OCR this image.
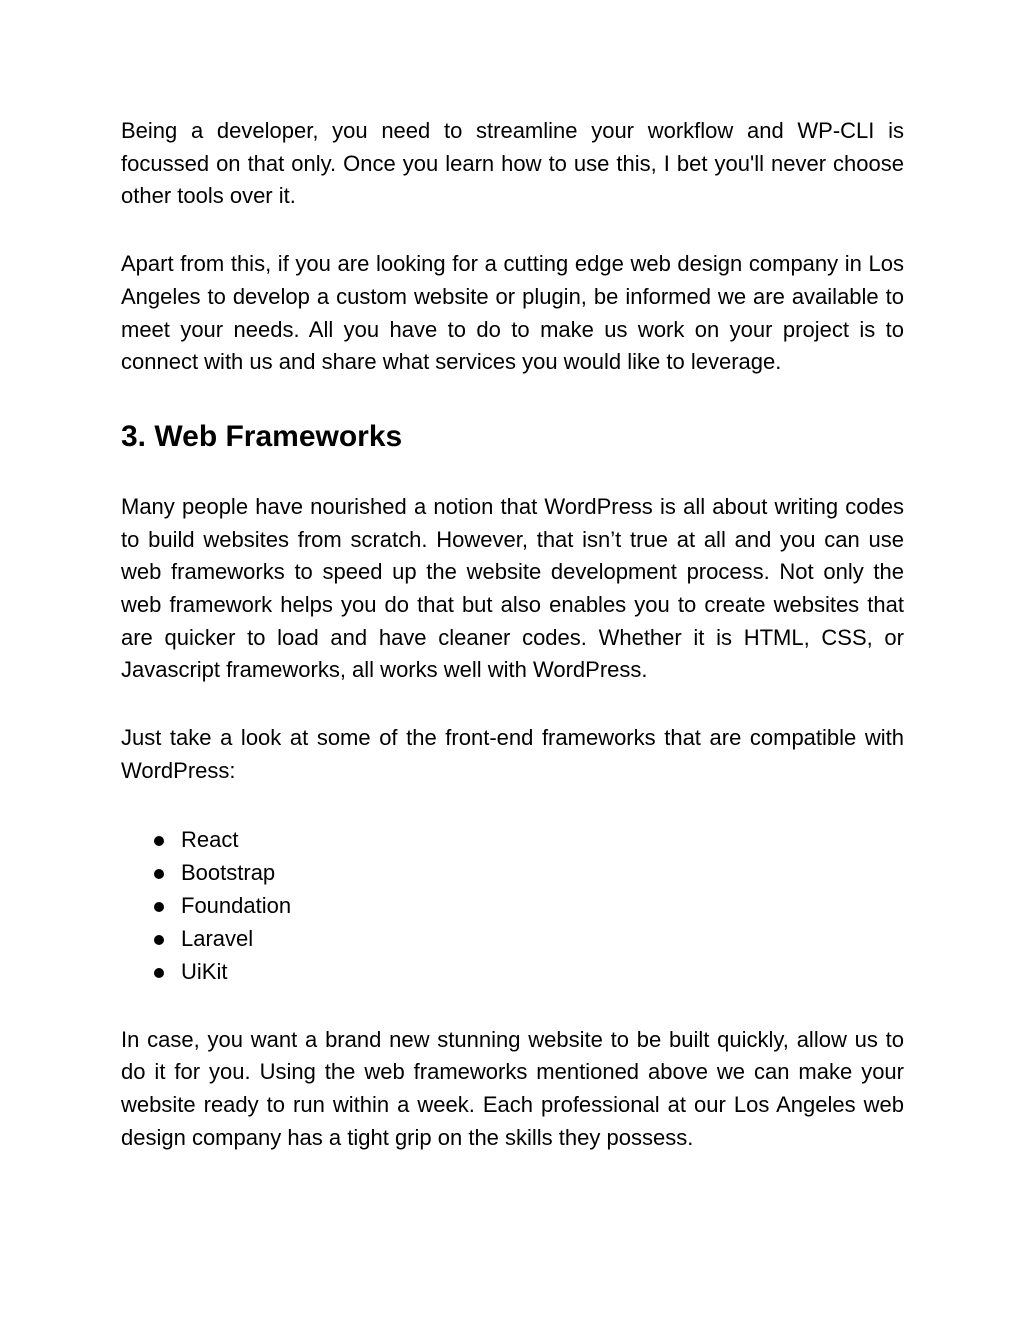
Being a developer, you need to streamline your workflow and WP-CLI is focussed on that only. Once you learn how to use this, I bet you'll never choose other tools over it.

Apart from this, if you are looking for a cutting edge web design company in Los Angeles to develop a custom website or plugin, be informed we are available to meet your needs. All you have to do to make us work on your project is to connect with us and share what services you would like to leverage.

3. Web Frameworks

Many people have nourished a notion that WordPress is all about writing codes to build websites from scratch. However, that isn’t true at all and you can use web frameworks to speed up the website development process. Not only the web framework helps you do that but also enables you to create websites that are quicker to load and have cleaner codes. Whether it is HTML, CSS, or Javascript frameworks, all works well with WordPress.

Just take a look at some of the front-end frameworks that are compatible with WordPress:

React
Bootstrap
Foundation
Laravel
UiKit

In case, you want a brand new stunning website to be built quickly, allow us to do it for you. Using the web frameworks mentioned above we can make your website ready to run within a week. Each professional at our Los Angeles web design company has a tight grip on the skills they possess.
